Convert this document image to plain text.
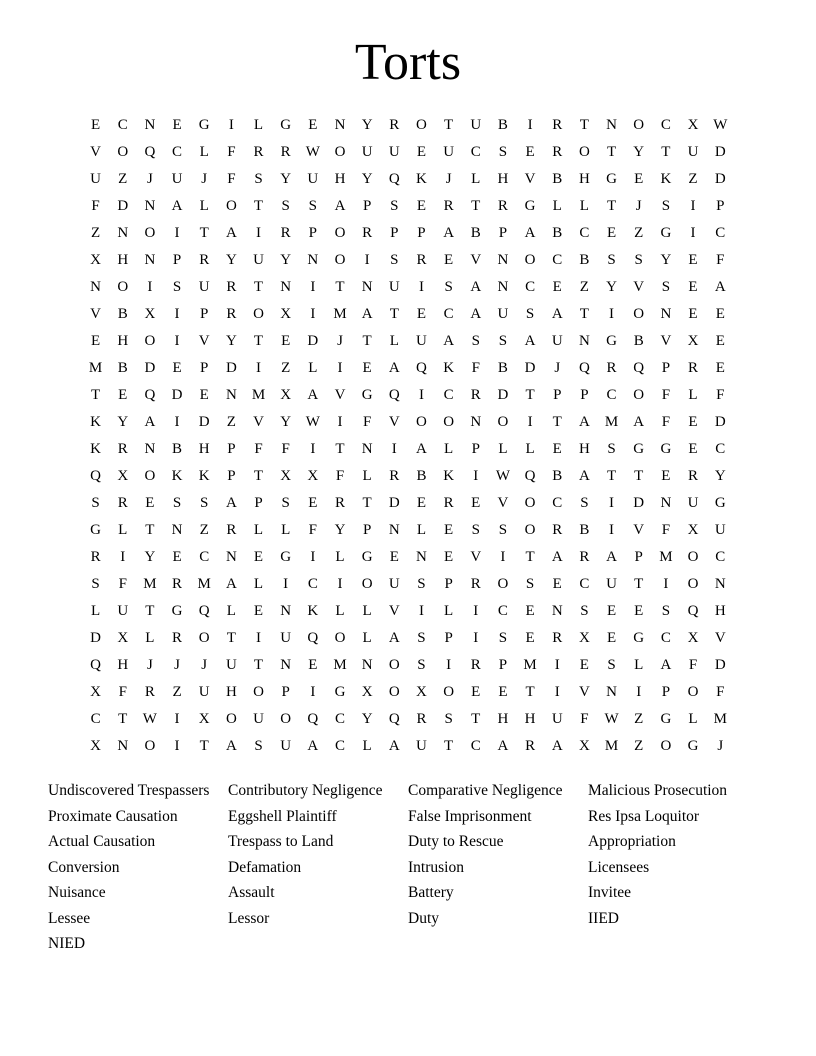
Torts
E	C	N	E	G	I	L	G	E	N	Y	R	O	T	U	B	I	R	T	N	O	C	X	W
V	O	Q	C	L	F	R	R	W	O	U	U	E	U	C	S	E	R	O	T	Y	T	U	D
U	Z	J	U	J	F	S	Y	U	H	Y	Q	K	J	L	H	V	B	H	G	E	K	Z	D
F	D	N	A	L	O	T	S	S	A	P	S	E	R	T	R	G	L	L	T	J	S	I	P
Z	N	O	I	T	A	I	R	P	O	R	P	P	A	B	P	A	B	C	E	Z	G	I	C
X	H	N	P	R	Y	U	Y	N	O	I	S	R	E	V	N	O	C	B	S	S	Y	E	F
N	O	I	S	U	R	T	N	I	T	N	U	I	S	A	N	C	E	Z	Y	V	S	E	A
V	B	X	I	P	R	O	X	I	M	A	T	E	C	A	U	S	A	T	I	O	N	E	E
E	H	O	I	V	Y	T	E	D	J	T	L	U	A	S	S	A	U	N	G	B	V	X	E
M	B	D	E	P	D	I	Z	L	I	E	A	Q	K	F	B	D	J	Q	R	Q	P	R	E
T	E	Q	D	E	N	M	X	A	V	G	Q	I	C	R	D	T	P	P	C	O	F	L	F
K	Y	A	I	D	Z	V	Y	W	I	F	V	O	O	N	O	I	T	A	M	A	F	E	D
K	R	N	B	H	P	F	F	I	T	N	I	A	L	P	L	L	E	H	S	G	G	E	C
Q	X	O	K	K	P	T	X	X	F	L	R	B	K	I	W	Q	B	A	T	T	E	R	Y
S	R	E	S	S	A	P	S	E	R	T	D	E	R	E	V	O	C	S	I	D	N	U	G
G	L	T	N	Z	R	L	L	F	Y	P	N	L	E	S	S	O	R	B	I	V	F	X	U
R	I	Y	E	C	N	E	G	I	L	G	E	N	E	V	I	T	A	R	A	P	M	O	C
S	F	M	R	M	A	L	I	C	I	O	U	S	P	R	O	S	E	C	U	T	I	O	N
L	U	T	G	Q	L	E	N	K	L	L	V	I	L	I	C	E	N	S	E	E	S	Q	H
D	X	L	R	O	T	I	U	Q	O	L	A	S	P	I	S	E	R	X	E	G	C	X	V
Q	H	J	J	J	U	T	N	E	M	N	O	S	I	R	P	M	I	E	S	L	A	F	D
X	F	R	Z	U	H	O	P	I	G	X	O	X	O	E	E	T	I	V	N	I	P	O	F
C	T	W	I	X	O	U	O	Q	C	Y	Q	R	S	T	H	H	U	F	W	Z	G	L	M
X	N	O	I	T	A	S	U	A	C	L	A	U	T	C	A	R	A	X	M	Z	O	G	J
Undiscovered Trespassers	Contributory Negligence	Comparative Negligence	Malicious Prosecution
Proximate Causation	Eggshell Plaintiff	False Imprisonment	Res Ipsa Loquitor
Actual Causation	Trespass to Land	Duty to Rescue	Appropriation
Conversion	Defamation	Intrusion	Licensees
Nuisance	Assault	Battery	Invitee
Lessee	Lessor	Duty	IIED
NIED
